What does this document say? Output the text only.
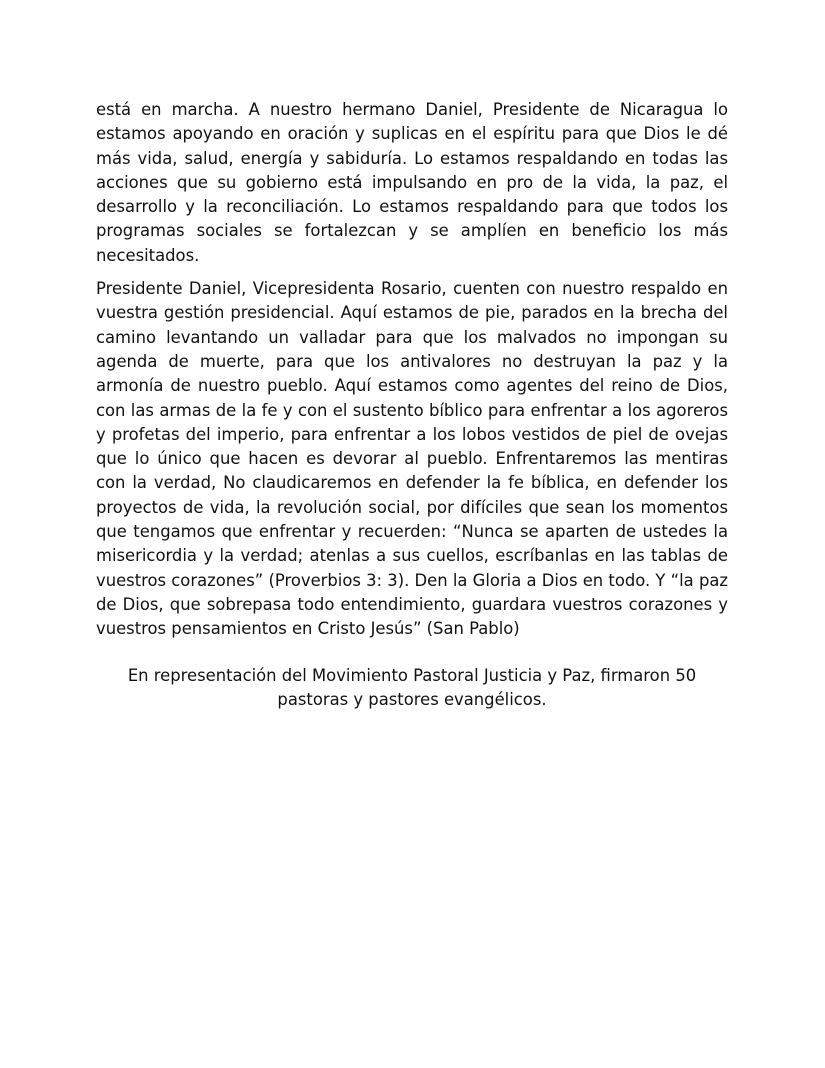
está en marcha. A nuestro hermano Daniel, Presidente de Nicaragua lo estamos apoyando en oración y suplicas en el espíritu para que Dios le dé más vida, salud, energía y sabiduría. Lo estamos respaldando en todas las acciones que su gobierno está impulsando en pro de la vida, la paz, el desarrollo y la reconciliación. Lo estamos respaldando para que todos los programas sociales se fortalezcan y se amplíen en beneficio los más necesitados.

Presidente Daniel, Vicepresidenta Rosario, cuenten con nuestro respaldo en vuestra gestión presidencial. Aquí estamos de pie, parados en la brecha del camino levantando un valladar para que los malvados no impongan su agenda de muerte, para que los antivalores no destruyan la paz y la armonía de nuestro pueblo. Aquí estamos como agentes del reino de Dios, con las armas de la fe y con el sustento bíblico para enfrentar a los agoreros y profetas del imperio, para enfrentar a los lobos vestidos de piel de ovejas que lo único que hacen es devorar al pueblo. Enfrentaremos las mentiras con la verdad, No claudicaremos en defender la fe bíblica, en defender los proyectos de vida, la revolución social, por difíciles que sean los momentos que tengamos que enfrentar y recuerden: “Nunca se aparten de ustedes la misericordia y la verdad; atenlas a sus cuellos, escríbanlas en las tablas de vuestros corazones” (Proverbios 3: 3). Den la Gloria a Dios en todo. Y “la paz de Dios, que sobrepasa todo entendimiento, guardara vuestros corazones y vuestros pensamientos en Cristo Jesús” (San Pablo)

En representación del Movimiento Pastoral Justicia y Paz, firmaron 50
pastoras y pastores evangélicos.
